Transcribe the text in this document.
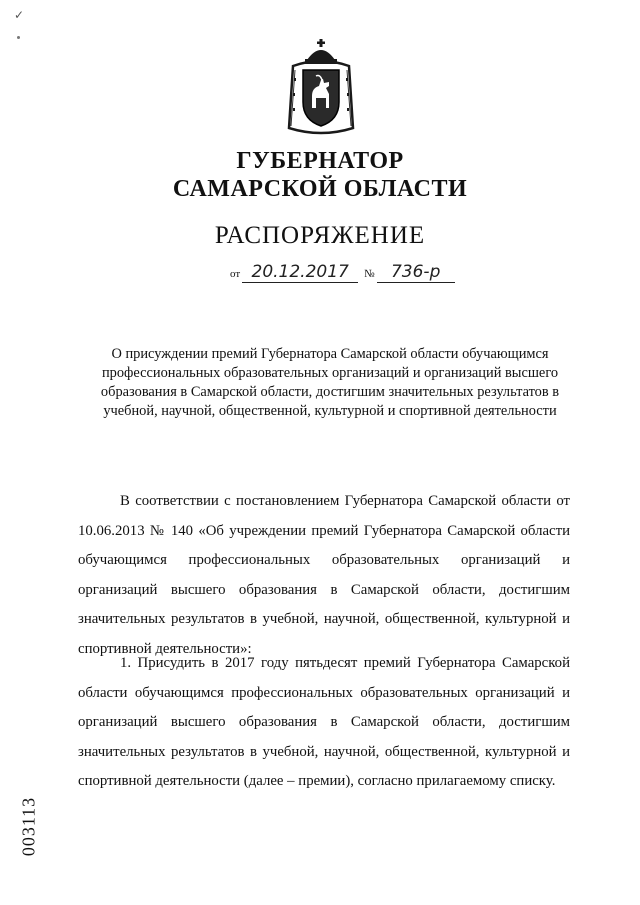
✓
ГУБЕРНАТОР
САМАРСКОЙ ОБЛАСТИ
РАСПОРЯЖЕНИЕ
от 20.12.2017 № 736-р
О присуждении премий Губернатора Самарской области обучающимся профессиональных образовательных организаций и организаций высшего образования в Самарской области, достигшим значительных результатов в учебной, научной, общественной, культурной и спортивной деятельности
В соответствии с постановлением Губернатора Самарской области от 10.06.2013 № 140 «Об учреждении премий Губернатора Самарской области обучающимся профессиональных образовательных организаций и организаций высшего образования в Самарской области, достигшим значительных результатов в учебной, научной, общественной, культурной и спортивной деятельности»:
1. Присудить в 2017 году пятьдесят премий Губернатора Самарской области обучающимся профессиональных образовательных организаций и организаций высшего образования в Самарской области, достигшим значительных результатов в учебной, научной, общественной, культурной и спортивной деятельности (далее – премии), согласно прилагаемому списку.
003113
